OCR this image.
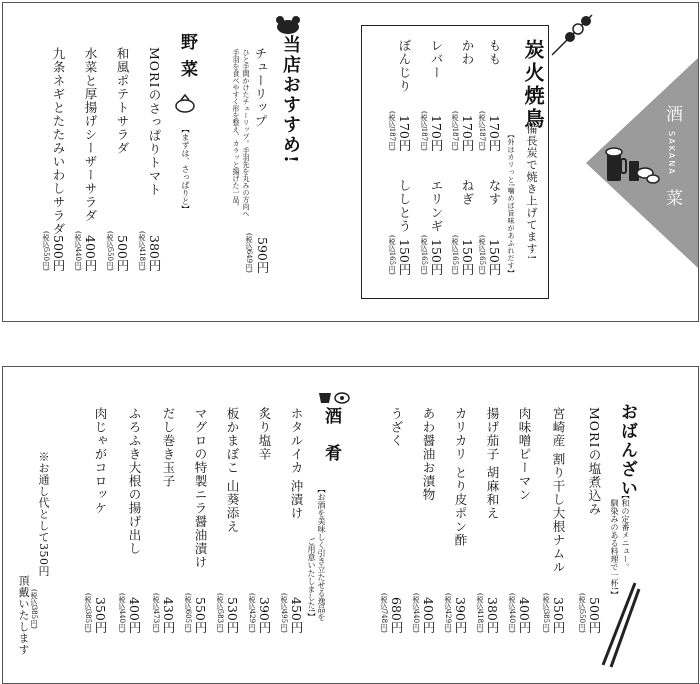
酒
SAKANA
菜
炭火焼鳥
備長炭で焼き上げてます!
【外はカリっと!噛めば旨味があふれだす】
もも
170円
(税込187円)
かわ
170円
(税込187円)
レバー
170円
(税込187円)
ぼんじり
170円
(税込187円)
なす
150円
(税込165円)
ねぎ
150円
(税込165円)
エリンギ
150円
(税込165円)
ししとう
150円
(税込165円)
当店おすすめ!
チューリップ
ひと手間かけたチューリップ。手羽先を丸みの方向へ
手羽を食べやすく形を整え、カラッと揚げた一品。
590円
(税込649円)
野菜
【まずは、さっぱりと】
MORIのさっぱりトマト
380円
(税込418円)
和風ポテトサラダ
500円
(税込550円)
水菜と厚揚げシーザーサラダ
400円
(税込440円)
九条ネギとたたみいわしサラダ
500円
(税込550円)
おばんざい
【和の定番メニュー。
馴染みのある料理で一杯!】
MORIの塩煮込み
500円
(税込550円)
宮崎産 割り干し大根ナムル
350円
(税込385円)
肉味噌ピーマン
400円
(税込440円)
揚げ茄子 胡麻和え
380円
(税込418円)
カリカリ とり皮ポン酢
390円
(税込429円)
あわ醤油お漬物
400円
(税込440円)
うざく
680円
(税込748円)
酒肴
【お酒を美味しく引き立たせる逸品を
ご用意いたしました!】
ホタルイカ 沖漬け
450円
(税込495円)
炙り塩辛
390円
(税込429円)
板かまぼこ 山葵添え
530円
(税込583円)
マグロの特製ニラ醤油漬け
550円
(税込605円)
だし巻き玉子
430円
(税込473円)
ふろふき大根の揚げ出し
400円
(税込440円)
肉じゃがコロッケ
350円
(税込385円)
※お通し代として350円
(税込385円)
頂戴いたします
